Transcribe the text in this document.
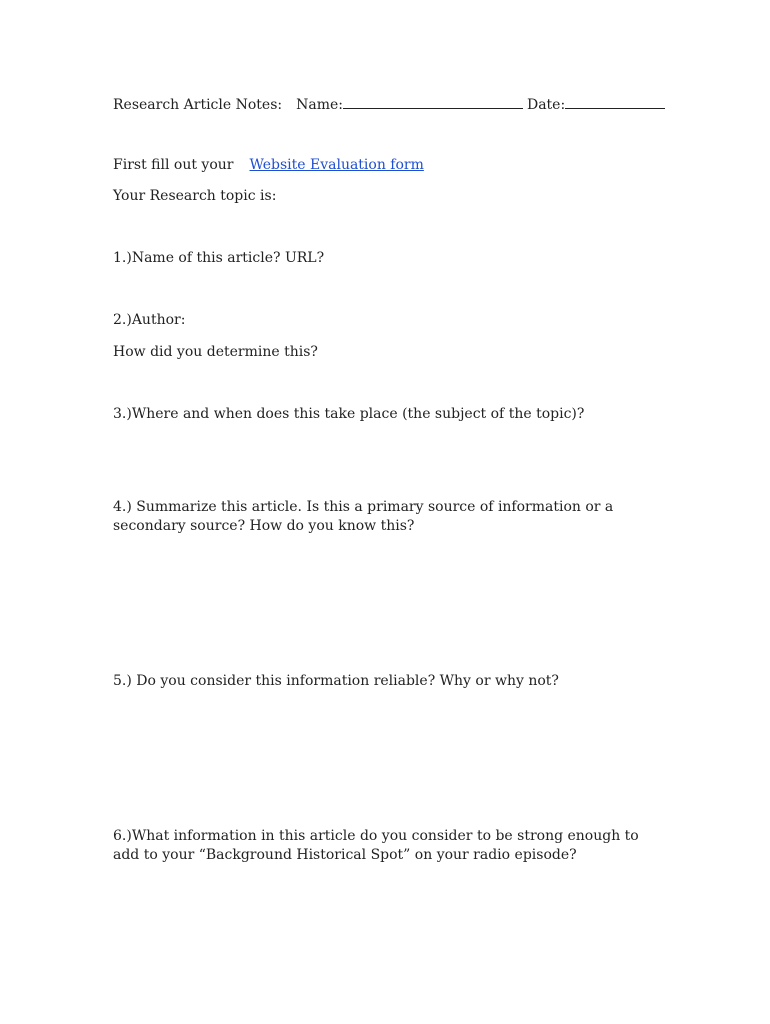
Research Article Notes: Name:	Date:
First fill out your Website Evaluation form
Your Research topic is:
1.)Name of this article? URL?
2.)Author:
How did you determine this?
3.)Where and when does this take place (the subject of the topic)?
4.) Summarize this article. Is this a primary source of information or a secondary source? How do you know this?
5.) Do you consider this information reliable? Why or why not?
6.)What information in this article do you consider to be strong enough to add to your “Background Historical Spot” on your radio episode?
